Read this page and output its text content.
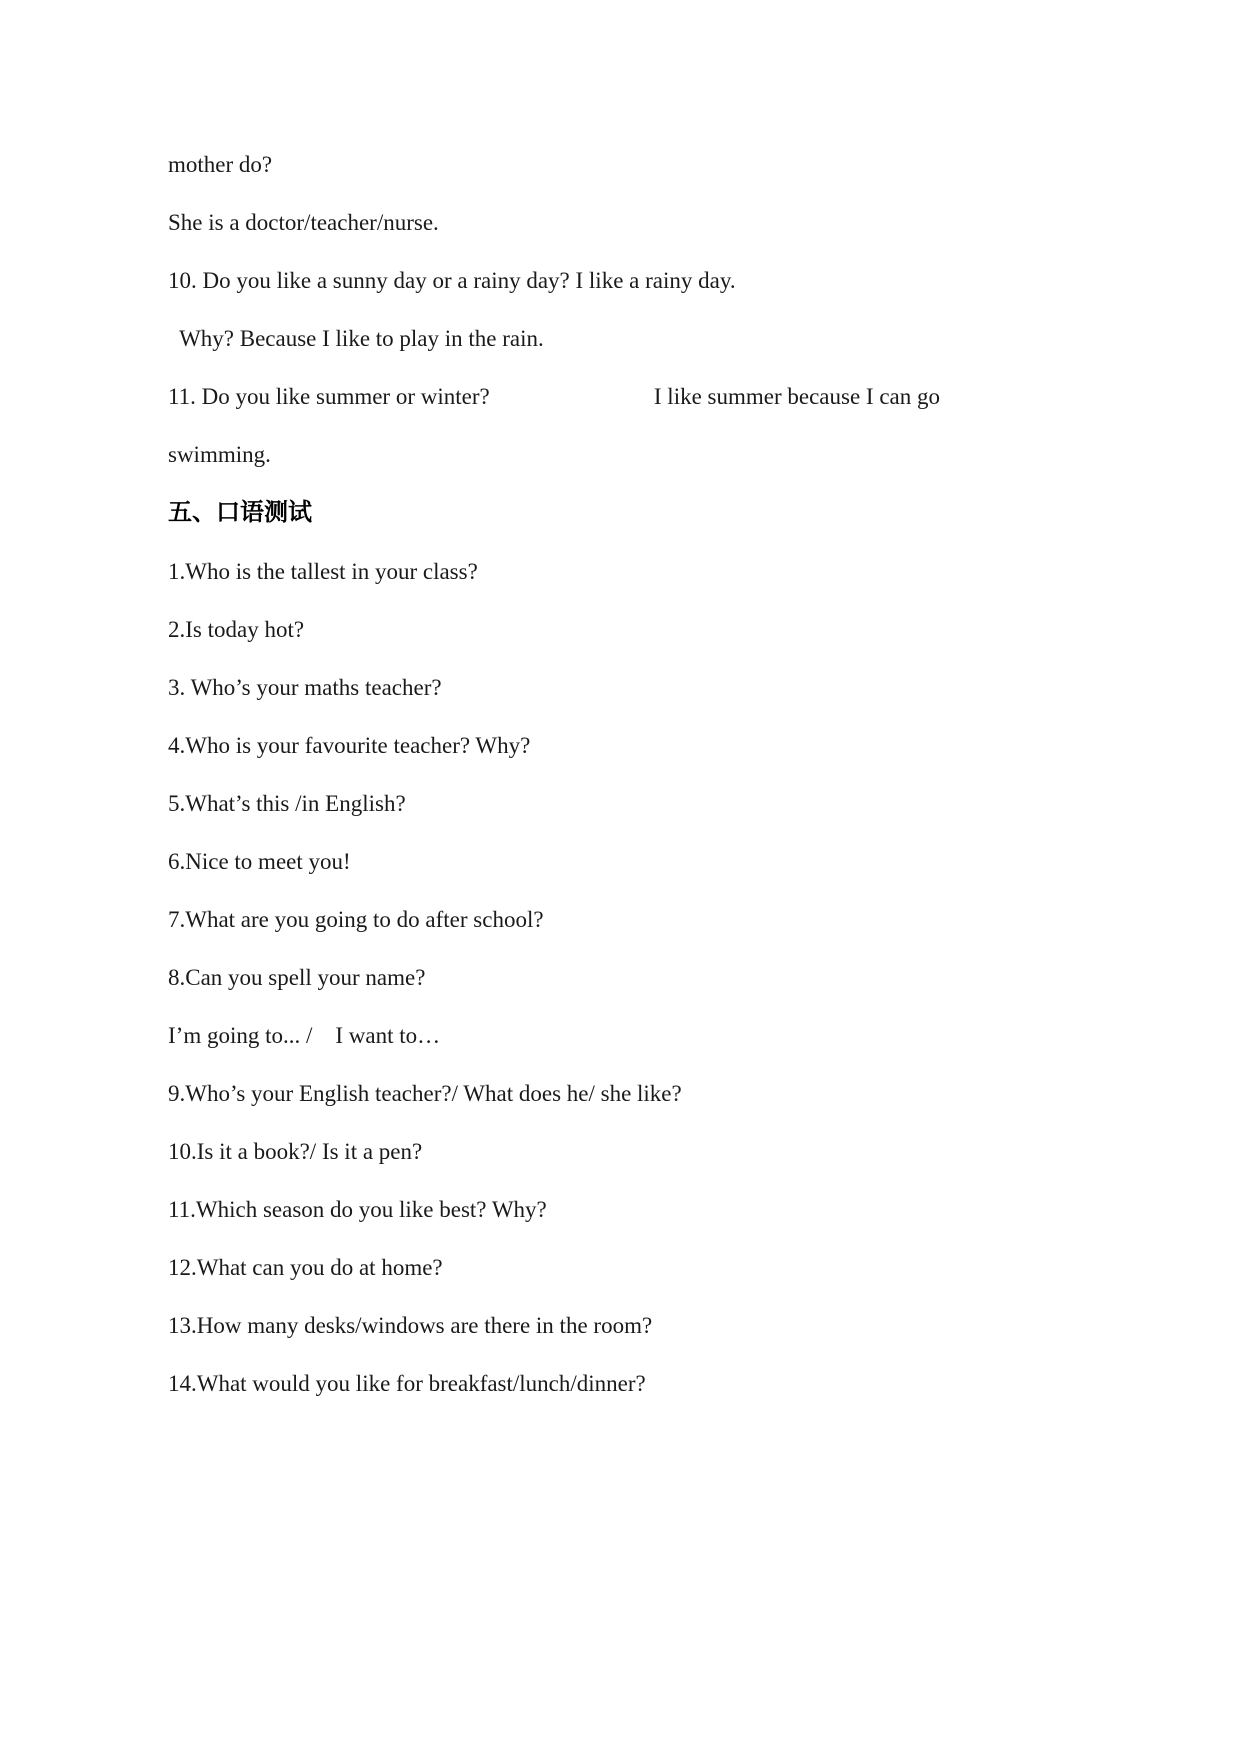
mother do?
She is a doctor/teacher/nurse.
10. Do you like a sunny day or a rainy day? I like a rainy day.
Why? Because I like to play in the rain.
11. Do you like summer or winter?	I like summer because I can go
swimming.
五、口语测试
1.Who is the tallest in your class?
2.Is today hot?
3. Who’s your maths teacher?
4.Who is your favourite teacher? Why?
5.What’s this /in English?
6.Nice to meet you!
7.What are you going to do after school?
8.Can you spell your name?
I’m going to... /    I want to…
9.Who’s your English teacher?/ What does he/ she like?
10.Is it a book?/ Is it a pen?
11.Which season do you like best? Why?
12.What can you do at home?
13.How many desks/windows are there in the room?
14.What would you like for breakfast/lunch/dinner?
